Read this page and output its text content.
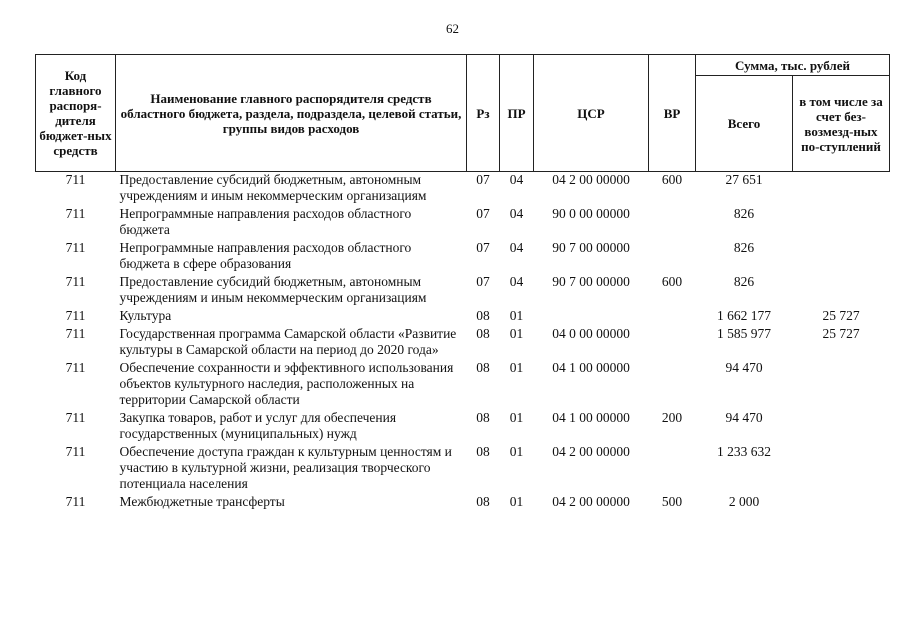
62
Код главного распоря-дителя бюджет-ных средств	Наименование главного распорядителя средств областного бюджета, раздела, подраздела, целевой статьи, группы видов расходов	Рз	ПР	ЦСР	ВР	Сумма, тыс. рублей	
						Всего	в том числе за счет без-возмезд-ных по-ступлений
711	Предоставление субсидий бюджетным, автономным учреждениям и иным некоммерческим организациям	07	04	04 2 00 00000	600	27 651	
711	Непрограммные направления расходов областного бюджета	07	04	90 0 00 00000		826	
711	Непрограммные направления расходов областного бюджета в сфере образования	07	04	90 7 00 00000		826	
711	Предоставление субсидий бюджетным, автономным учреждениям и иным некоммерческим организациям	07	04	90 7 00 00000	600	826	
711	Культура	08	01			1 662 177	25 727
711	Государственная программа Самарской области «Развитие культуры в Самарской области на период до 2020 года»	08	01	04 0 00 00000		1 585 977	25 727
711	Обеспечение сохранности и эффективного использования объектов культурного наследия, расположенных на территории Самарской области	08	01	04 1 00 00000		94 470	
711	Закупка товаров, работ и услуг для обеспечения государственных (муниципальных) нужд	08	01	04 1 00 00000	200	94 470	
711	Обеспечение доступа граждан к культурным ценностям и участию в культурной жизни, реализация творческого потенциала населения	08	01	04 2 00 00000		1 233 632	
711	Межбюджетные трансферты	08	01	04 2 00 00000	500	2 000	
